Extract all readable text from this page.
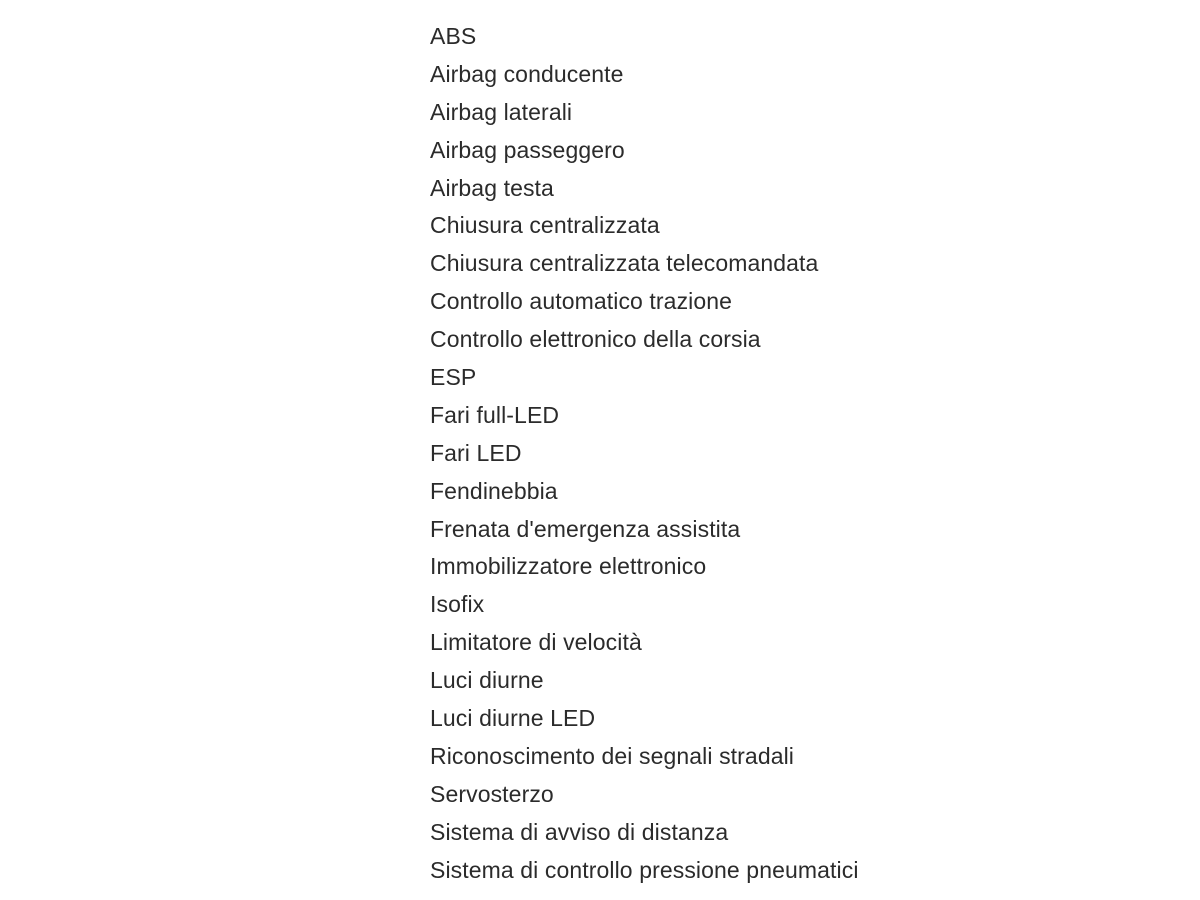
ABS
Airbag conducente
Airbag laterali
Airbag passeggero
Airbag testa
Chiusura centralizzata
Chiusura centralizzata telecomandata
Controllo automatico trazione
Controllo elettronico della corsia
ESP
Fari full-LED
Fari LED
Fendinebbia
Frenata d'emergenza assistita
Immobilizzatore elettronico
Isofix
Limitatore di velocità
Luci diurne
Luci diurne LED
Riconoscimento dei segnali stradali
Servosterzo
Sistema di avviso di distanza
Sistema di controllo pressione pneumatici
